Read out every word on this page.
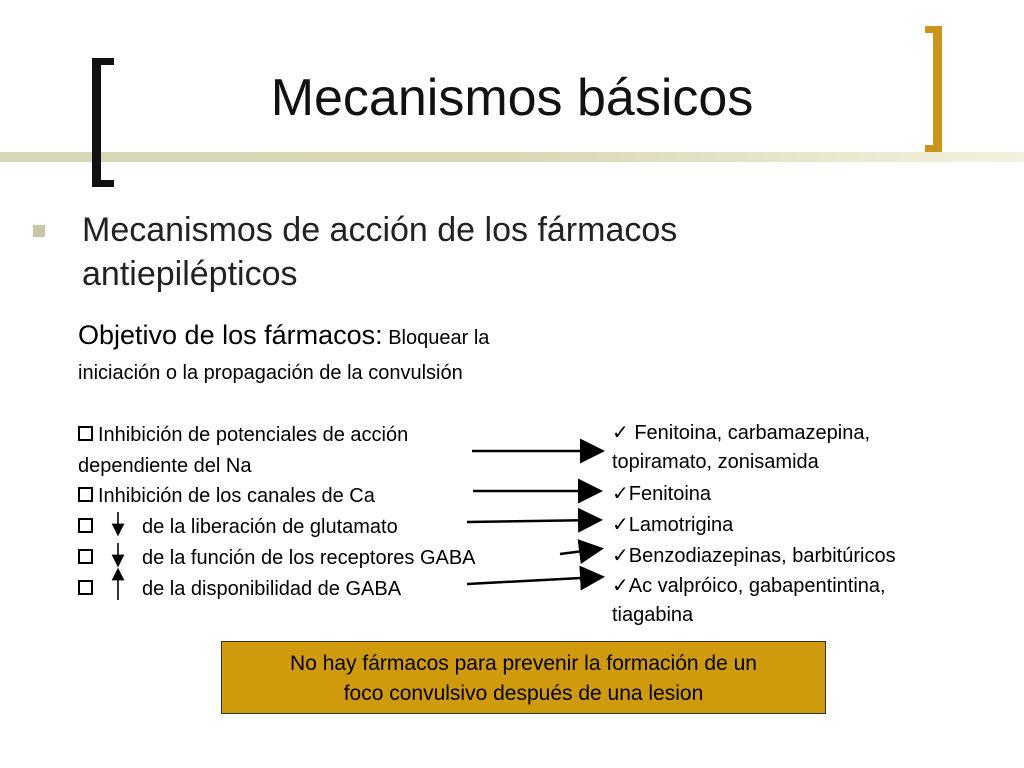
Mecanismos básicos
Mecanismos de acción de los fármacos antiepilépticos
Objetivo de los fármacos: Bloquear la
iniciación o la propagación de la convulsión
Inhibición de potenciales de acción
dependiente del Na
Inhibición de los canales de Ca
de la liberación de glutamato
de la función de los receptores GABA
de la disponibilidad de GABA
✓ Fenitoina, carbamazepina,
topiramato, zonisamida
✓Fenitoina
✓Lamotrigina
✓Benzodiazepinas, barbitúricos
✓Ac valpróico, gabapentintina,
tiagabina
No hay fármacos para prevenir la formación de un
foco convulsivo después de una lesion
